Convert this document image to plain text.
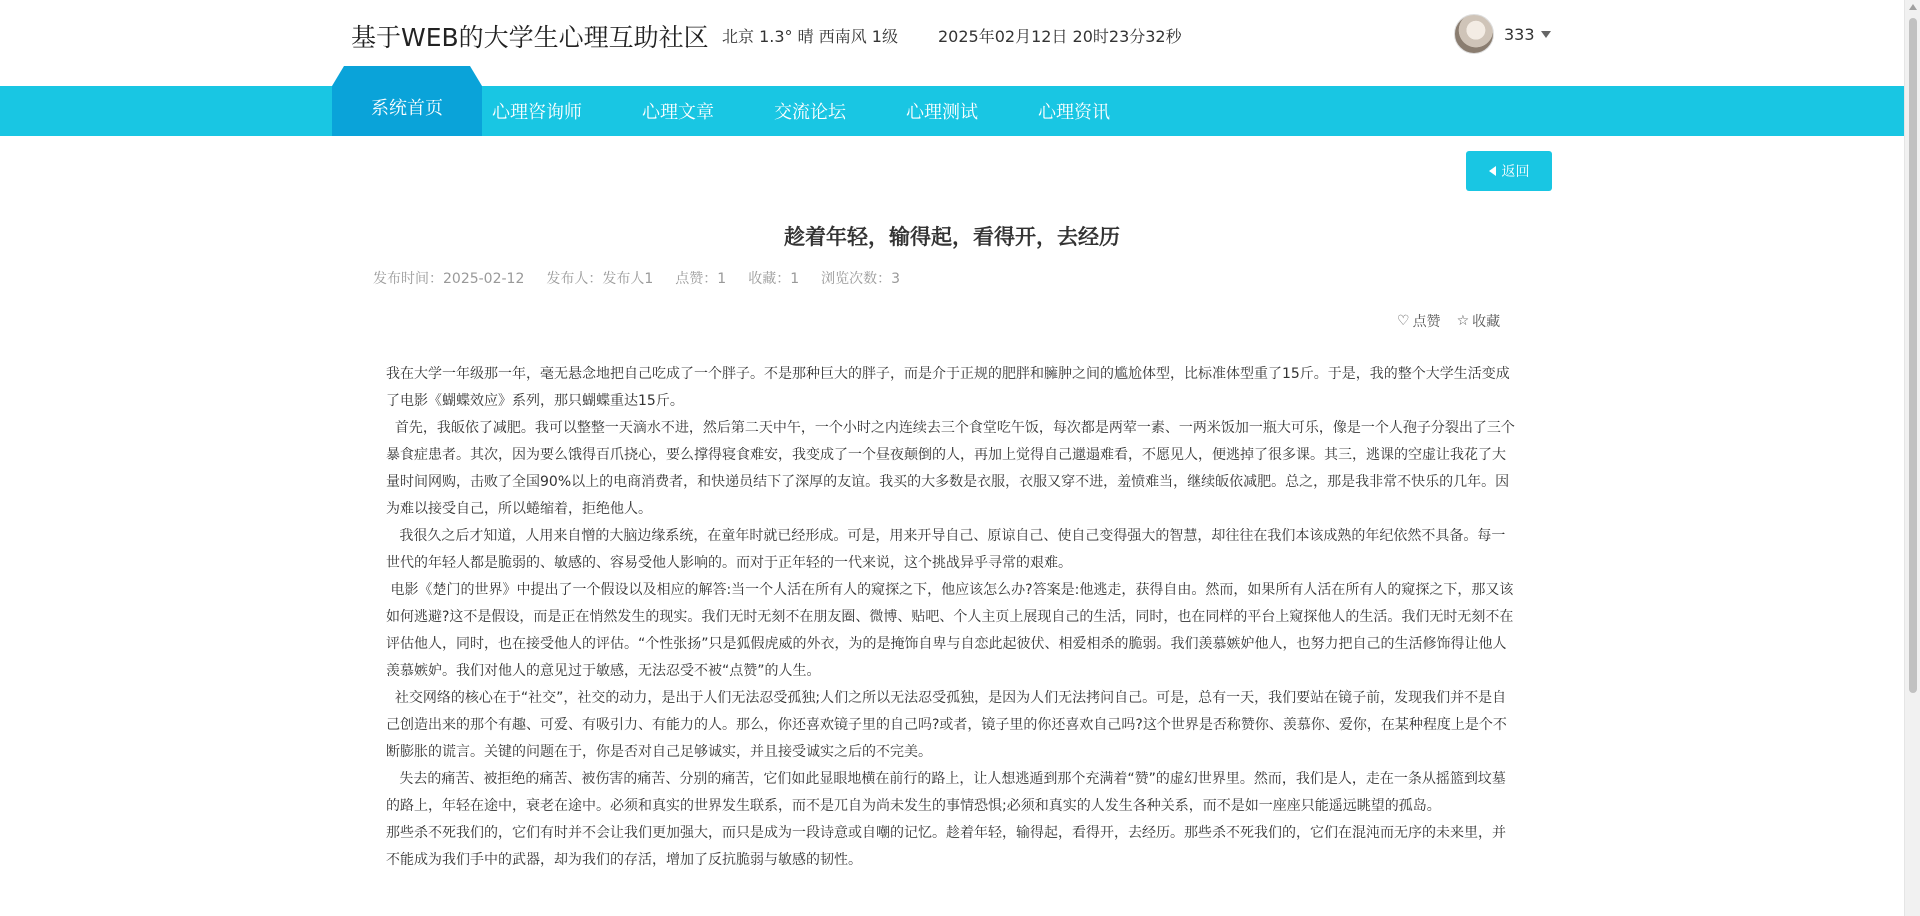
基于WEB的大学生心理互助社区 北京 1.3° 晴 西南风 1级	2025年02月12日 20时23分32秒	333
系统首页	心理咨询师	心理文章	交流论坛	心理测试	心理资讯
返回
趁着年轻，输得起，看得开，去经历
发布时间：2025-02-12 发布人：发布人1 点赞：1 收藏：1 浏览次数：3
♡ 点赞 ☆ 收藏

我在大学一年级那一年，毫无悬念地把自己吃成了一个胖子。不是那种巨大的胖子，而是介于正规的肥胖和臃肿之间的尴尬体型，比标准体型重了15斤。于是，我的整个大学生活变成了电影《蝴蝶效应》系列，那只蝴蝶重达15斤。

首先，我皈依了减肥。我可以整整一天滴水不进，然后第二天中午，一个小时之内连续去三个食堂吃午饭，每次都是两荤一素、一两米饭加一瓶大可乐，像是一个人孢子分裂出了三个暴食症患者。其次，因为要么饿得百爪挠心，要么撑得寝食难安，我变成了一个昼夜颠倒的人，再加上觉得自己邋遢难看，不愿见人，便逃掉了很多课。其三，逃课的空虚让我花了大量时间网购，击败了全国90%以上的电商消费者，和快递员结下了深厚的友谊。我买的大多数是衣服，衣服又穿不进，羞愤难当，继续皈依减肥。总之，那是我非常不快乐的几年。因为难以接受自己，所以蜷缩着，拒绝他人。

我很久之后才知道，人用来自憎的大脑边缘系统，在童年时就已经形成。可是，用来开导自己、原谅自己、使自己变得强大的智慧，却往往在我们本该成熟的年纪依然不具备。每一世代的年轻人都是脆弱的、敏感的、容易受他人影响的。而对于正年轻的一代来说，这个挑战异乎寻常的艰难。

电影《楚门的世界》中提出了一个假设以及相应的解答:当一个人活在所有人的窥探之下，他应该怎么办?答案是:他逃走，获得自由。然而，如果所有人活在所有人的窥探之下，那又该如何逃避?这不是假设，而是正在悄然发生的现实。我们无时无刻不在朋友圈、微博、贴吧、个人主页上展现自己的生活，同时，也在同样的平台上窥探他人的生活。我们无时无刻不在评估他人，同时，也在接受他人的评估。“个性张扬”只是狐假虎威的外衣，为的是掩饰自卑与自恋此起彼伏、相爱相杀的脆弱。我们羡慕嫉妒他人，也努力把自己的生活修饰得让他人羡慕嫉妒。我们对他人的意见过于敏感，无法忍受不被“点赞”的人生。

社交网络的核心在于“社交”，社交的动力，是出于人们无法忍受孤独;人们之所以无法忍受孤独，是因为人们无法拷问自己。可是，总有一天，我们要站在镜子前，发现我们并不是自己创造出来的那个有趣、可爱、有吸引力、有能力的人。那么，你还喜欢镜子里的自己吗?或者，镜子里的你还喜欢自己吗?这个世界是否称赞你、羡慕你、爱你，在某种程度上是个不断膨胀的谎言。关键的问题在于，你是否对自己足够诚实，并且接受诚实之后的不完美。

失去的痛苦、被拒绝的痛苦、被伤害的痛苦、分别的痛苦，它们如此显眼地横在前行的路上，让人想逃遁到那个充满着“赞”的虚幻世界里。然而，我们是人，走在一条从摇篮到坟墓的路上，年轻在途中，衰老在途中。必须和真实的世界发生联系，而不是兀自为尚未发生的事情恐惧;必须和真实的人发生各种关系，而不是如一座座只能遥远眺望的孤岛。

那些杀不死我们的，它们有时并不会让我们更加强大，而只是成为一段诗意或自嘲的记忆。趁着年轻，输得起，看得开，去经历。那些杀不死我们的，它们在混沌而无序的未来里，并不能成为我们手中的武器，却为我们的存活，增加了反抗脆弱与敏感的韧性。
